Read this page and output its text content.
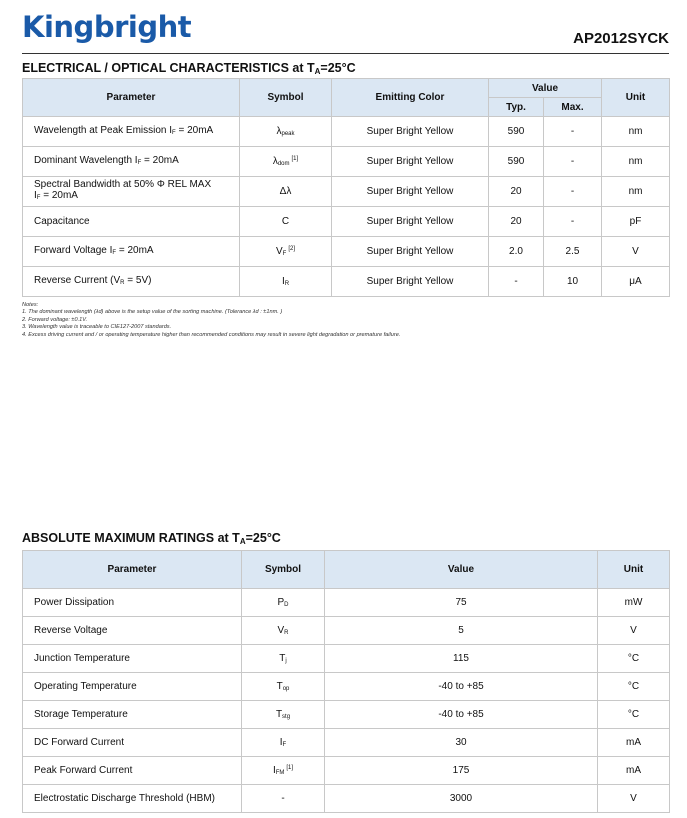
Kingbright	AP2012SYCK
ELECTRICAL / OPTICAL CHARACTERISTICS at $T_A=25^\circ C$
Parameter	Symbol	Emitting Color	Value		Unit
			Typ.	Max.	
Wavelength at Peak Emission $I_F = 20mA$	$\lambda_{peak}$	Super Bright Yellow	590	-	nm
Dominant Wavelength $I_F = 20mA$	$\lambda_{dom}[1]$	Super Bright Yellow	590	-	nm
Spectral Bandwidth at 50% Φ REL MAX
$I_F = 20mA$	Δλ	Super Bright Yellow	20	-	nm
Capacitance	C	Super Bright Yellow	20	-	pF
Forward Voltage $I_F = 20mA$	$V_F[2]$	Super Bright Yellow	2.0	2.5	V
Reverse Current $(V_R = 5V)$	$I_R$	Super Bright Yellow	-	10	μA
Notes:
1. The dominant wavelength (λd) above is the setup value of the sorting machine. (Tolerance λd : ±1nm. )
2. Forward voltage: ±0.1V.
3. Wavelength value is traceable to CIE127-2007 standards.
4. Excess driving current and / or operating temperature higher than recommended conditions may result in severe light degradation or premature failure.
ABSOLUTE MAXIMUM RATINGS at $T_A=25^\circ C$
Parameter	Symbol	Value	Unit
Power Dissipation	$P_D$	75	mW
Reverse Voltage	$V_R$	5	V
Junction Temperature	$T_j$	115	°C
Operating Temperature	$T_{op}$	-40 to +85	°C
Storage Temperature	$T_{stg}$	-40 to +85	°C
DC Forward Current	$I_F$	30	mA
Peak Forward Current	$I_{FM}[1]$	175	mA
Electrostatic Discharge Threshold (HBM)	-	3000	V
